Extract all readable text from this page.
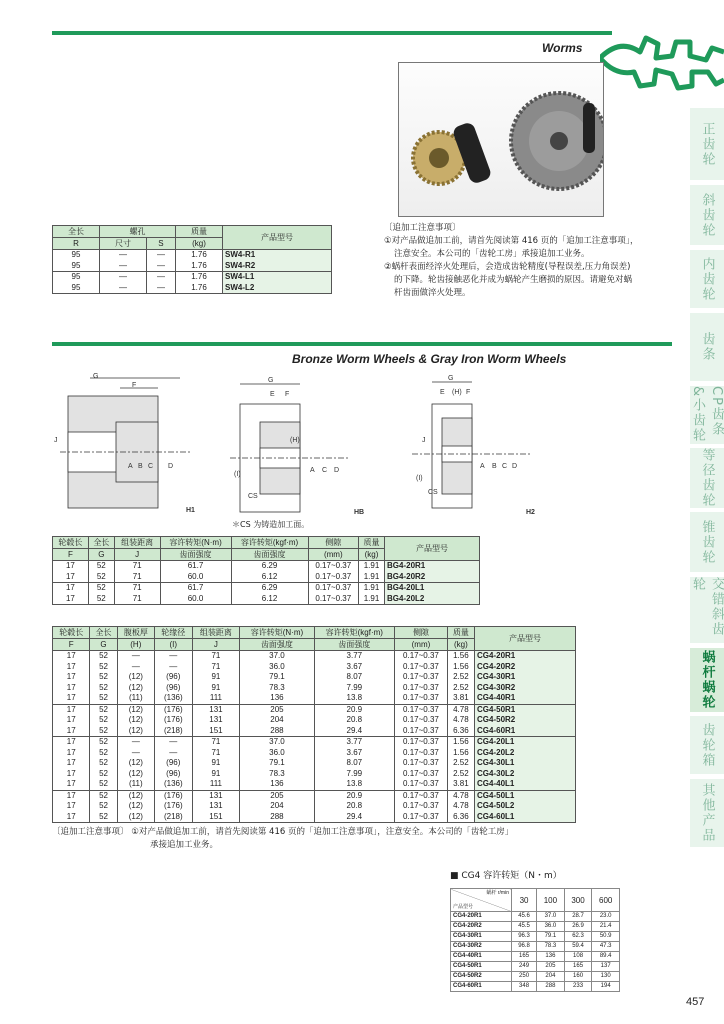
Worms
全长	螺孔		质量	产品型号
R	尺寸	S	(kg)	
95	—	—	1.76	SW4-R1
95	—	—	1.76	SW4-R2
95	—	—	1.76	SW4-L1
95	—	—	1.76	SW4-L2
〔追加工注意事项〕
①对产品做追加工前，请首先阅读第 416 页的「追加工注意事项」，
注意安全。本公司的「齿轮工房」承接追加工业务。
②蜗杆表面经淬火处理后，会造成齿轮精度(导程误差,压力角误差)
的下降。轮齿接触恶化并成为蜗轮产生磨损的原因。请避免对蜗
杆齿面做淬火处理。
Bronze Worm Wheels & Gray Iron Worm Wheels
G
F
J
A B C D
H1
G
E F
(H)
(I)
CS
A C D
HB
＊CS 为铸造加工面。
G
E (H) F
J
(I)
CS
A B C D
H2
轮毂长	全长	组装距离	容许转矩(N·m)	容许转矩(kgf·m)	侧隙	质量	产品型号
F	G	J	齿面强度	齿面强度	(mm)	(kg)	
17	52	71	61.7	6.29	0.17~0.37	1.91	BG4-20R1
17	52	71	60.0	6.12	0.17~0.37	1.91	BG4-20R2
17	52	71	61.7	6.29	0.17~0.37	1.91	BG4-20L1
17	52	71	60.0	6.12	0.17~0.37	1.91	BG4-20L2
轮毂长	全长	腹板厚	轮缘径	组装距离	容许转矩(N·m)	容许转矩(kgf·m)	侧隙	质量	产品型号
F	G	(H)	(I)	J	齿面强度	齿面强度	(mm)	(kg)	
17	52	—	—	71	37.0	3.77	0.17~0.37	1.56	CG4-20R1
17	52	—	—	71	36.0	3.67	0.17~0.37	1.56	CG4-20R2
17	52	(12)	(96)	91	79.1	8.07	0.17~0.37	2.52	CG4-30R1
17	52	(12)	(96)	91	78.3	7.99	0.17~0.37	2.52	CG4-30R2
17	52	(11)	(136)	111	136	13.8	0.17~0.37	3.81	CG4-40R1
17	52	(12)	(176)	131	205	20.9	0.17~0.37	4.78	CG4-50R1
17	52	(12)	(176)	131	204	20.8	0.17~0.37	4.78	CG4-50R2
17	52	(12)	(218)	151	288	29.4	0.17~0.37	6.36	CG4-60R1
17	52	—	—	71	37.0	3.77	0.17~0.37	1.56	CG4-20L1
17	52	—	—	71	36.0	3.67	0.17~0.37	1.56	CG4-20L2
17	52	(12)	(96)	91	79.1	8.07	0.17~0.37	2.52	CG4-30L1
17	52	(12)	(96)	91	78.3	7.99	0.17~0.37	2.52	CG4-30L2
17	52	(11)	(136)	111	136	13.8	0.17~0.37	3.81	CG4-40L1
17	52	(12)	(176)	131	205	20.9	0.17~0.37	4.78	CG4-50L1
17	52	(12)	(176)	131	204	20.8	0.17~0.37	4.78	CG4-50L2
17	52	(12)	(218)	151	288	29.4	0.17~0.37	6.36	CG4-60L1
〔追加工注意事项〕 ①对产品做追加工前，请首先阅读第 416 页的「追加工注意事项」，注意安全。本公司的「齿轮工房」
承接追加工业务。
■ CG4 容许转矩（N・m）
蜗杆 r/min
产品型号	30	100	300	600
CG4-20R1	45.6	37.0	28.7	23.0
CG4-20R2	45.5	36.0	26.9	21.4
CG4-30R1	96.3	79.1	62.3	50.9
CG4-30R2	96.8	78.3	59.4	47.3
CG4-40R1	165	136	108	89.4
CG4-50R1	249	205	165	137
CG4-50R2	250	204	160	130
CG4-60R1	348	288	233	194
正齿轮
斜齿轮
内齿轮
齿条
CP齿条&小齿轮
等径齿轮
锥齿轮
交错斜齿轮
蜗杆蜗轮
齿轮箱
其他产品
457
